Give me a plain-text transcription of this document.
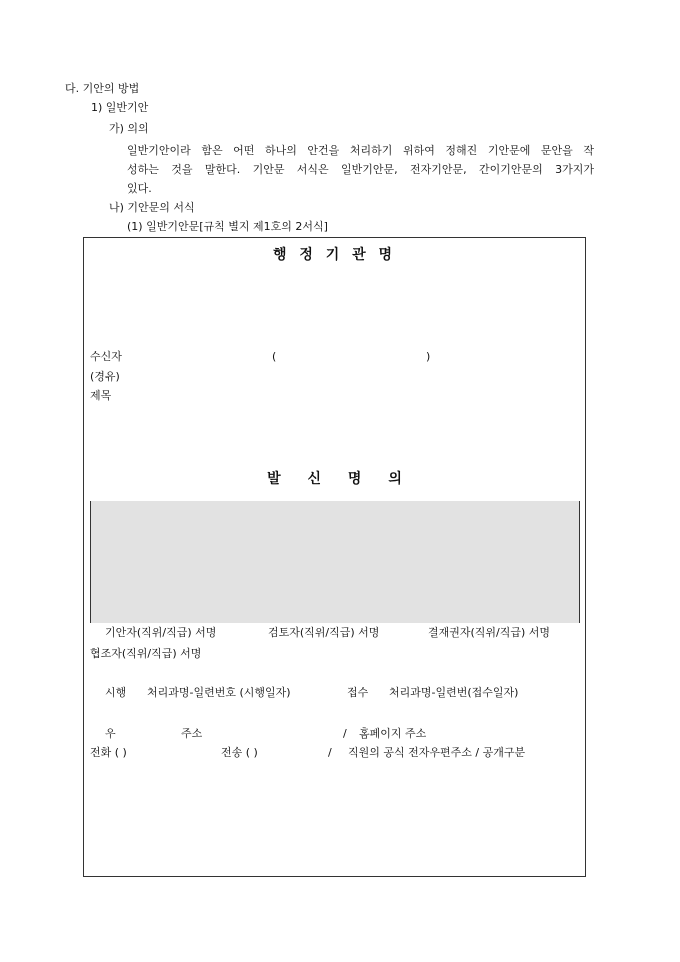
다. 기안의 방법
1) 일반기안
가) 의의
일반기안이라 함은 어떤 하나의 안건을 처리하기 위하여 정해진 기안문에 문안을 작
성하는 것을 말한다. 기안문 서식은 일반기안문, 전자기안문, 간이기안문의 3가지가
있다.
나) 기안문의 서식
(1) 일반기안문[규칙 별지 제1호의 2서식]
행 정 기 관 명
수신자	(	)
(경유)
제목
발 신 명 의
기안자(직위/직급) 서명	검토자(직위/직급) 서명	결재권자(직위/직급) 서명
협조자(직위/직급) 서명
시행 처리과명-일련번호 (시행일자)	접수 처리과명-일련번(접수일자)
우	주소	/ 홈페이지 주소
전화 ( )	전송 ( )	/ 직원의 공식 전자우편주소 / 공개구분
